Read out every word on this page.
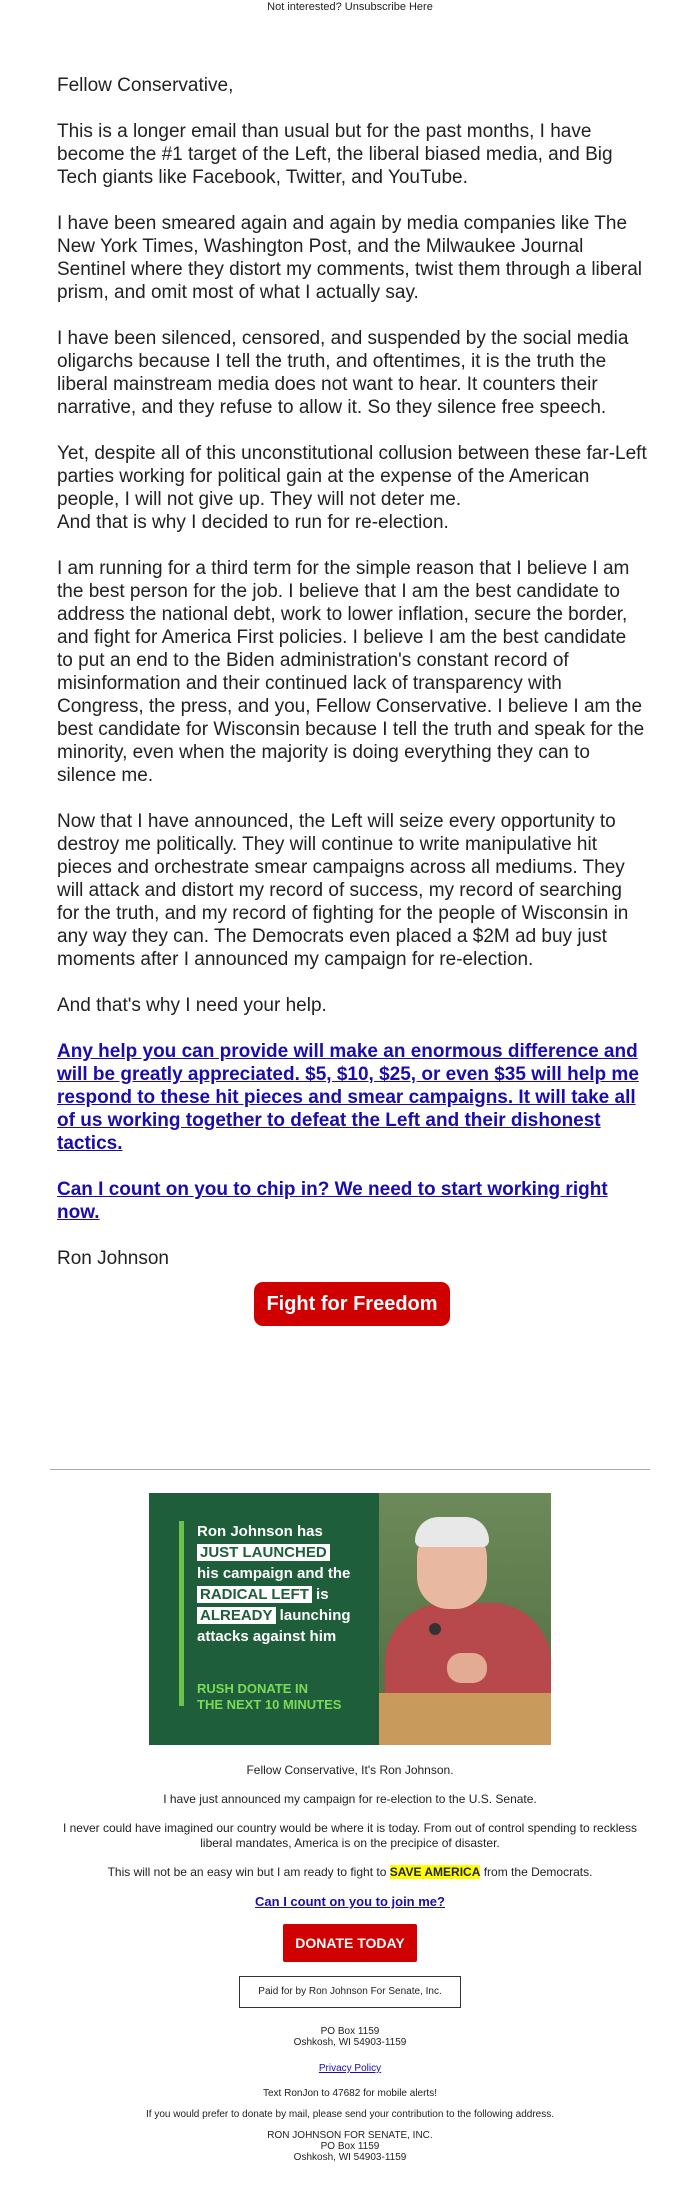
Not interested? Unsubscribe Here

Fellow Conservative,

This is a longer email than usual but for the past months, I have become the #1 target of the Left, the liberal biased media, and Big Tech giants like Facebook, Twitter, and YouTube.

I have been smeared again and again by media companies like The New York Times, Washington Post, and the Milwaukee Journal Sentinel where they distort my comments, twist them through a liberal prism, and omit most of what I actually say.

I have been silenced, censored, and suspended by the social media oligarchs because I tell the truth, and oftentimes, it is the truth the liberal mainstream media does not want to hear. It counters their narrative, and they refuse to allow it. So they silence free speech.

Yet, despite all of this unconstitutional collusion between these far-Left parties working for political gain at the expense of the American people, I will not give up. They will not deter me.

And that is why I decided to run for re-election.

I am running for a third term for the simple reason that I believe I am the best person for the job. I believe that I am the best candidate to address the national debt, work to lower inflation, secure the border, and fight for America First policies. I believe I am the best candidate to put an end to the Biden administration's constant record of misinformation and their continued lack of transparency with Congress, the press, and you, Fellow Conservative. I believe I am the best candidate for Wisconsin because I tell the truth and speak for the minority, even when the majority is doing everything they can to silence me.

Now that I have announced, the Left will seize every opportunity to destroy me politically. They will continue to write manipulative hit pieces and orchestrate smear campaigns across all mediums. They will attack and distort my record of success, my record of searching for the truth, and my record of fighting for the people of Wisconsin in any way they can. The Democrats even placed a $2M ad buy just moments after I announced my campaign for re-election.

And that's why I need your help.

Any help you can provide will make an enormous difference and will be greatly appreciated. $5, $10, $25, or even $35 will help me respond to these hit pieces and smear campaigns. It will take all of us working together to defeat the Left and their dishonest tactics.

Can I count on you to chip in? We need to start working right now.

Ron Johnson

Fight for Freedom
Ron Johnson has
JUST LAUNCHED
his campaign and the
RADICAL LEFT is
ALREADY launching
attacks against him
RUSH DONATE IN
THE NEXT 10 MINUTES

Fellow Conservative, It's Ron Johnson.

I have just announced my campaign for re-election to the U.S. Senate.

I never could have imagined our country would be where it is today. From out of control spending to reckless liberal mandates, America is on the precipice of disaster.

This will not be an easy win but I am ready to fight to SAVE AMERICA from the Democrats.

Can I count on you to join me?

DONATE TODAY
Paid for by Ron Johnson For Senate, Inc.
PO Box 1159
Oshkosh, WI 54903-1159
Privacy Policy
Text RonJon to 47682 for mobile alerts!
If you would prefer to donate by mail, please send your contribution to the following address.
RON JOHNSON FOR SENATE, INC.
PO Box 1159
Oshkosh, WI 54903-1159
